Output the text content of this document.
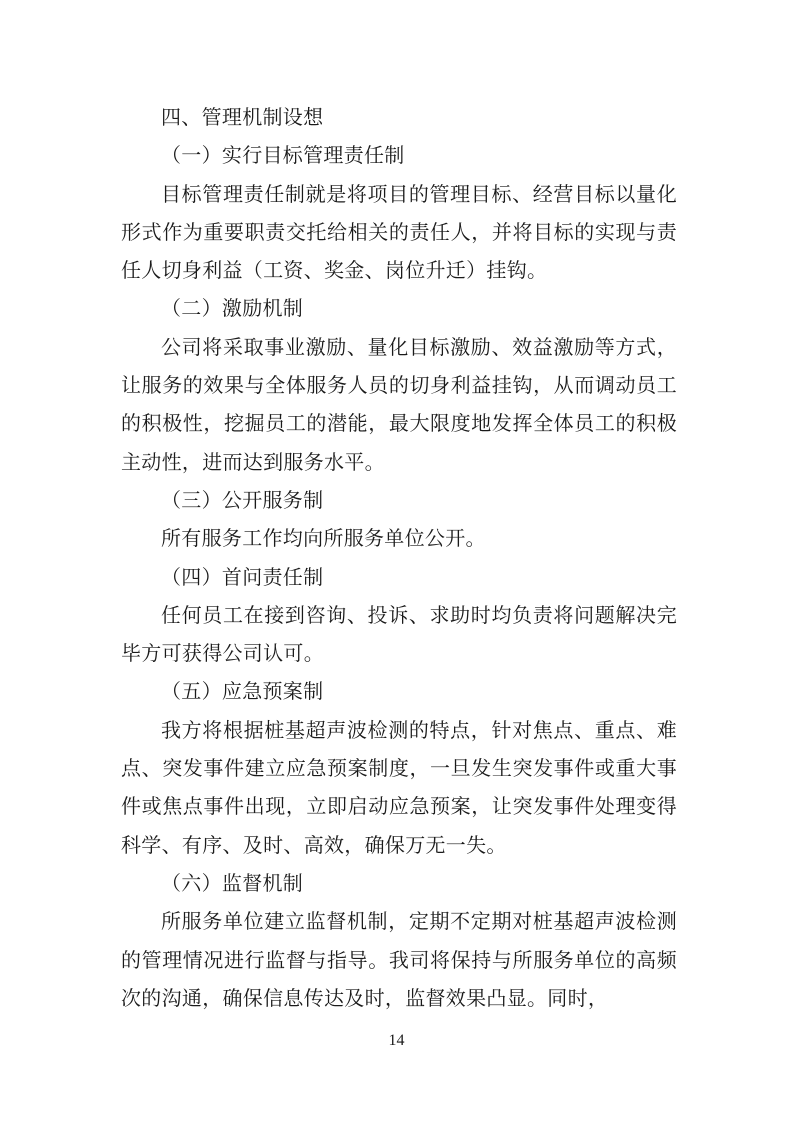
四、管理机制设想

（一）实行目标管理责任制

目标管理责任制就是将项目的管理目标、经营目标以量化形式作为重要职责交托给相关的责任人，并将目标的实现与责任人切身利益（工资、奖金、岗位升迁）挂钩。

（二）激励机制

公司将采取事业激励、量化目标激励、效益激励等方式，让服务的效果与全体服务人员的切身利益挂钩，从而调动员工的积极性，挖掘员工的潜能，最大限度地发挥全体员工的积极主动性，进而达到服务水平。

（三）公开服务制

所有服务工作均向所服务单位公开。

（四）首问责任制

任何员工在接到咨询、投诉、求助时均负责将问题解决完毕方可获得公司认可。

（五）应急预案制

我方将根据桩基超声波检测的特点，针对焦点、重点、难点、突发事件建立应急预案制度，一旦发生突发事件或重大事件或焦点事件出现，立即启动应急预案，让突发事件处理变得科学、有序、及时、高效，确保万无一失。

（六）监督机制

所服务单位建立监督机制，定期不定期对桩基超声波检测的管理情况进行监督与指导。我司将保持与所服务单位的高频次的沟通，确保信息传达及时，监督效果凸显。同时，

14
